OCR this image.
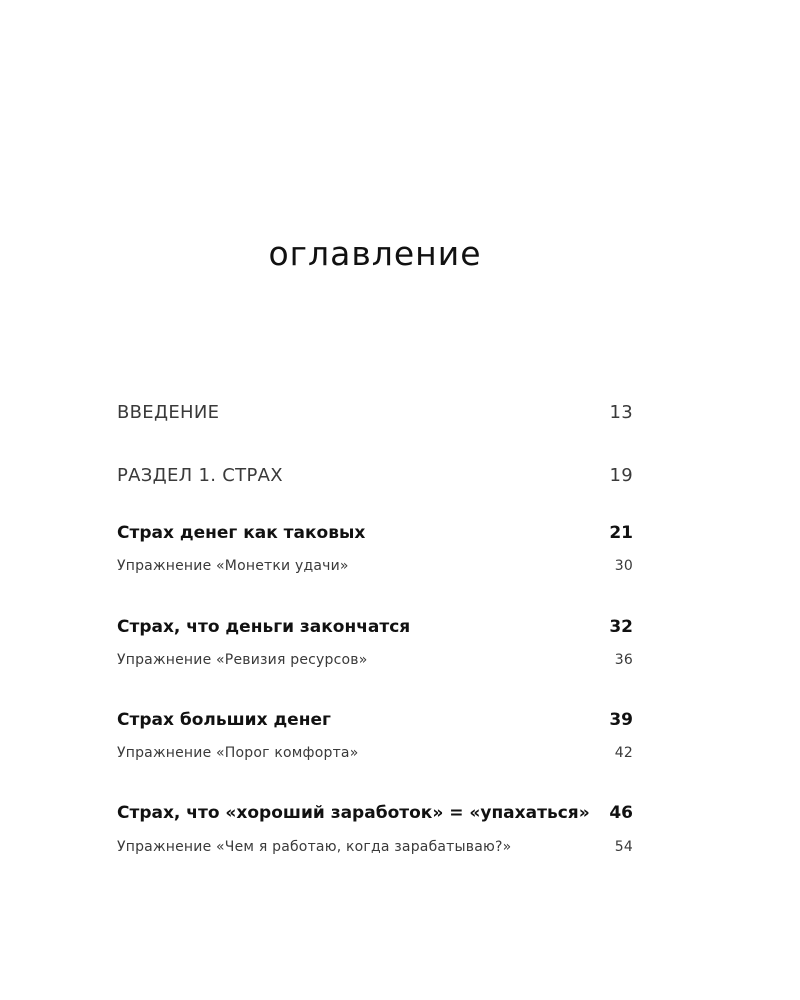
оглавление
ВВЕДЕНИЕ	13
РАЗДЕЛ 1. СТРАХ	19
Страх денег как таковых	21
Упражнение «Монетки удачи»	30
Страх, что деньги закончатся	32
Упражнение «Ревизия ресурсов»	36
Страх больших денег	39
Упражнение «Порог комфорта»	42
Страх, что «хороший заработок» = «упахаться» 46
Упражнение «Чем я работаю, когда зарабатываю?»	54
